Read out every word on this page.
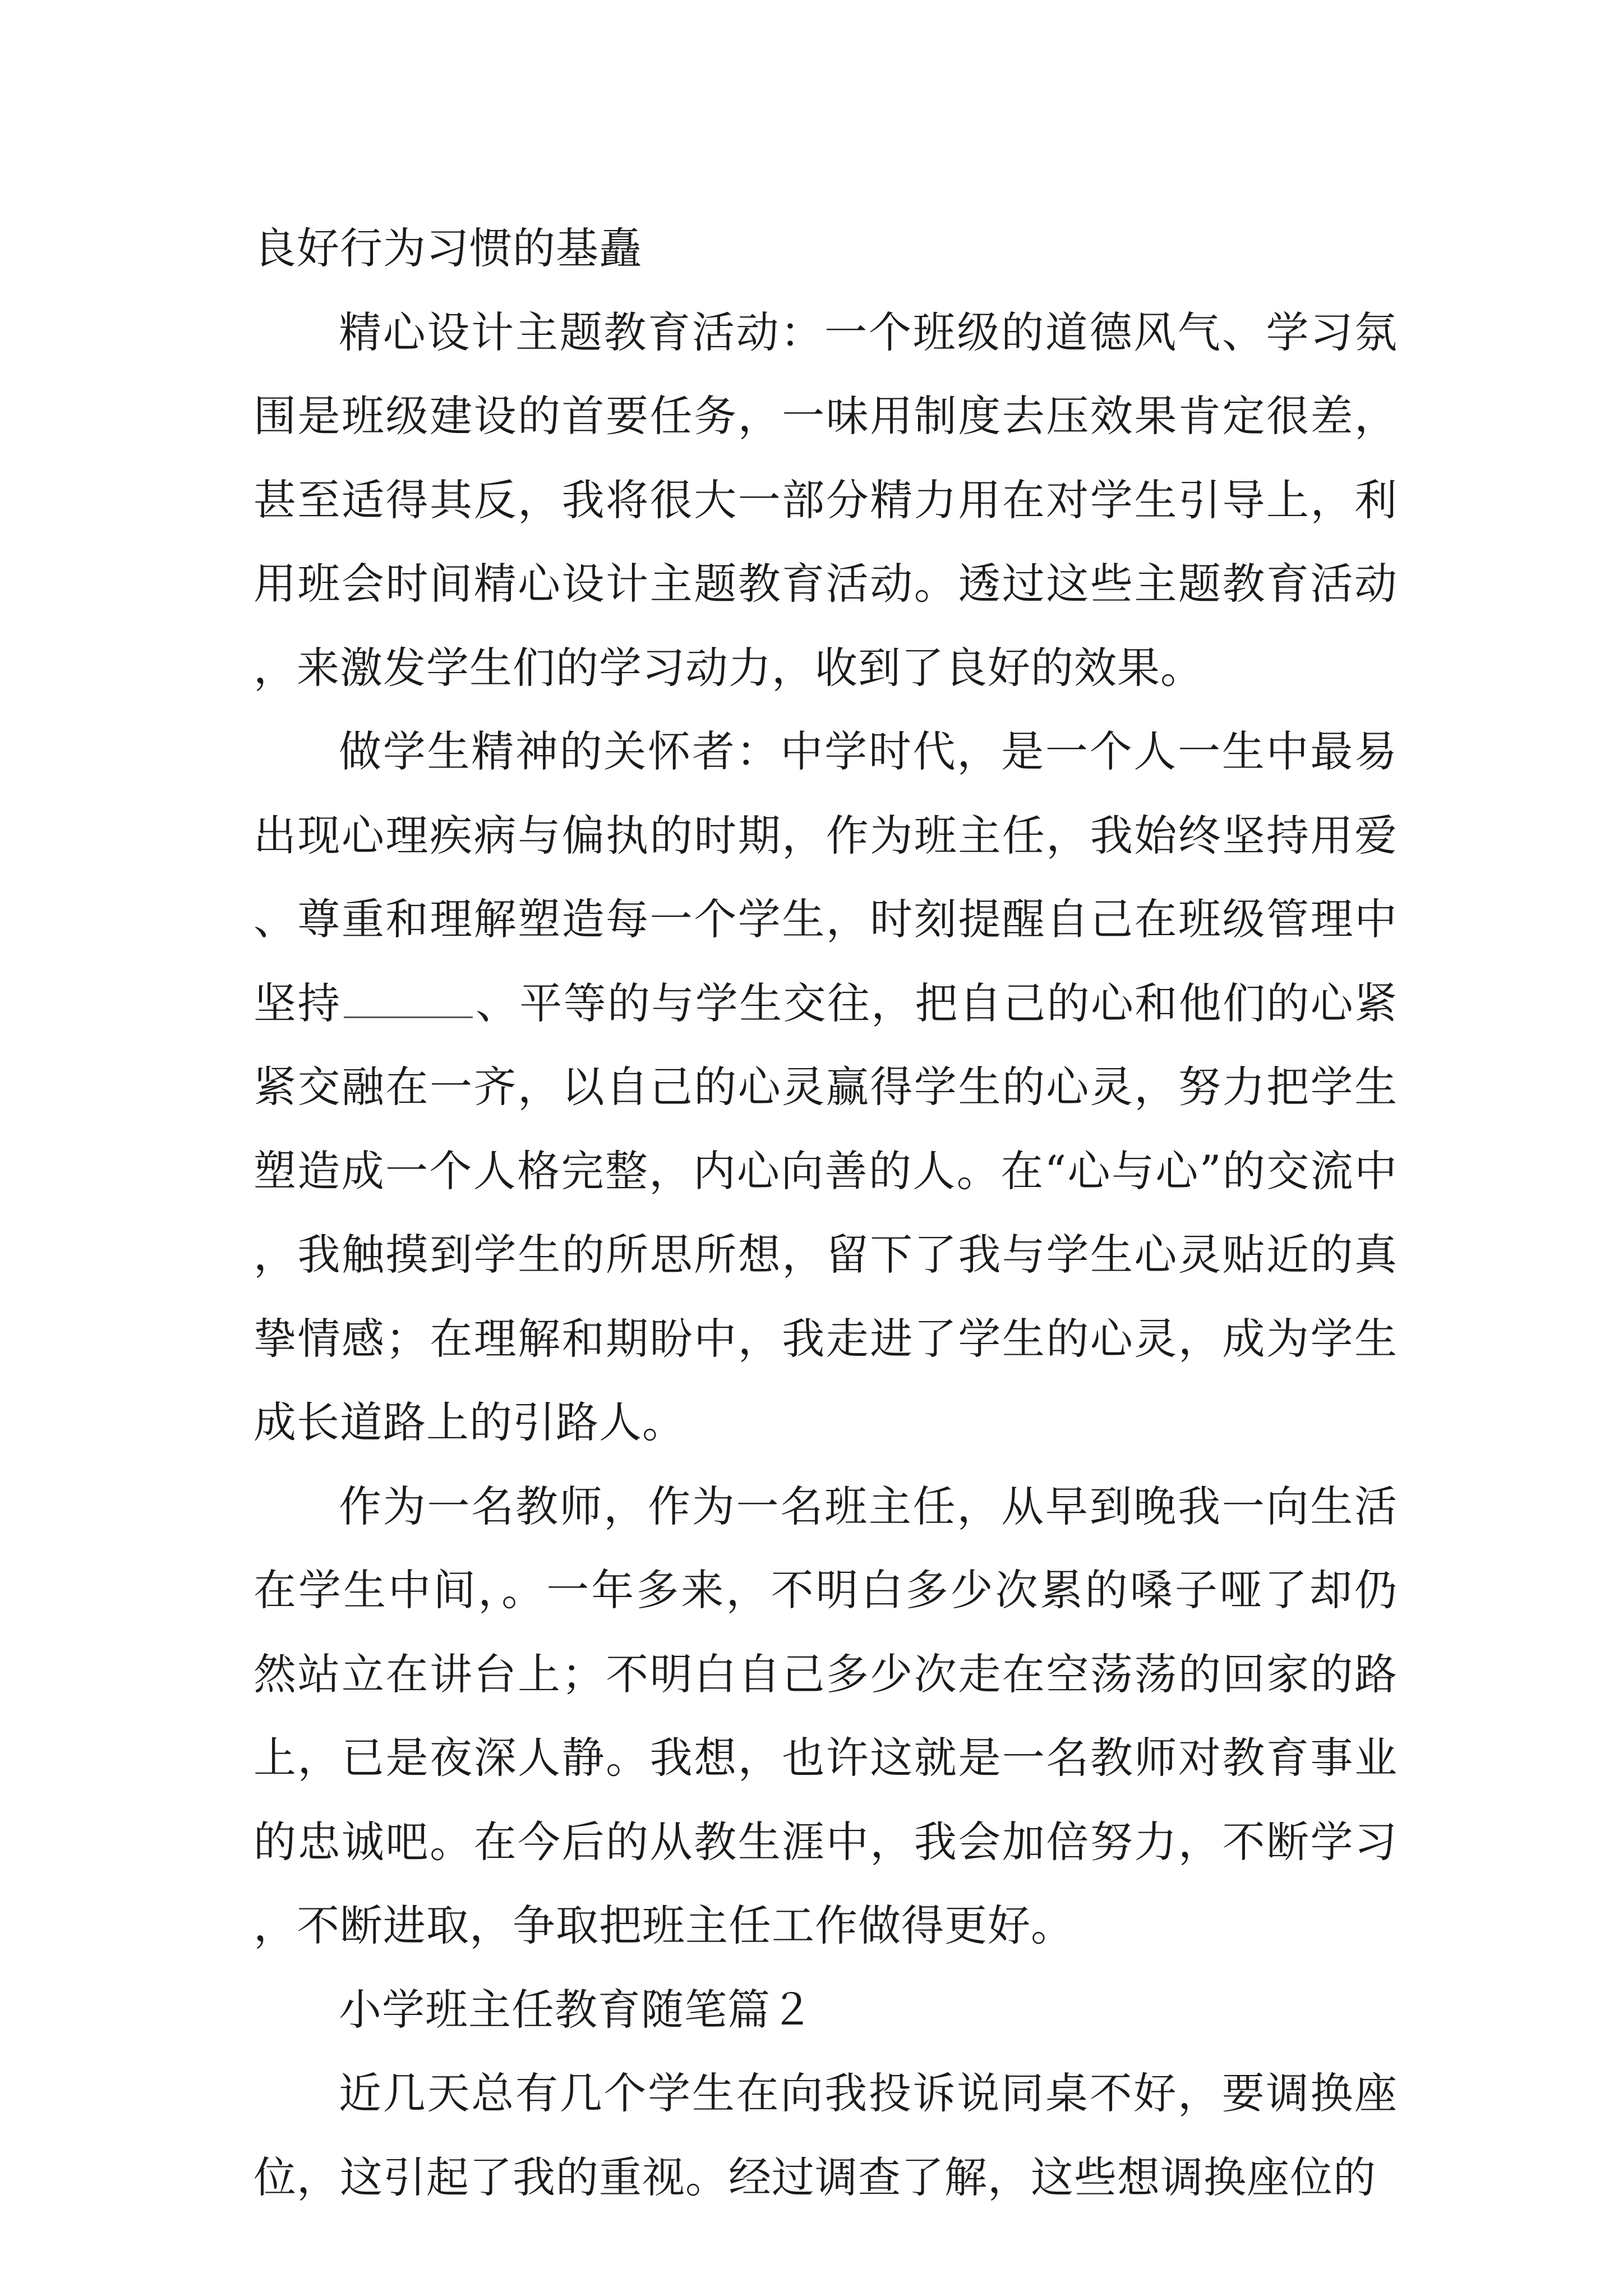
良好行为习惯的基矗

精心设计主题教育活动：一个班级的道德风气、学习氛围是班级建设的首要任务，一味用制度去压效果肯定很差，甚至适得其反，我将很大一部分精力用在对学生引导上，利用班会时间精心设计主题教育活动。透过这些主题教育活动，来激发学生们的学习动力，收到了良好的效果。

做学生精神的关怀者：中学时代，是一个人一生中最易出现心理疾病与偏执的时期，作为班主任，我始终坚持用爱、尊重和理解塑造每一个学生，时刻提醒自己在班级管理中坚持	、平等的与学生交往，把自己的心和他们的心紧紧交融在一齐，以自己的心灵赢得学生的心灵，努力把学生塑造成一个人格完整，内心向善的人。在“心与心”的交流中，我触摸到学生的所思所想，留下了我与学生心灵贴近的真挚情感；在理解和期盼中，我走进了学生的心灵，成为学生成长道路上的引路人。

作为一名教师，作为一名班主任，从早到晚我一向生活在学生中间，。一年多来，不明白多少次累的嗓子哑了却仍然站立在讲台上；不明白自己多少次走在空荡荡的回家的路上，已是夜深人静。我想，也许这就是一名教师对教育事业的忠诚吧。在今后的从教生涯中，我会加倍努力，不断学习，不断进取，争取把班主任工作做得更好。

小学班主任教育随笔篇２

近几天总有几个学生在向我投诉说同桌不好，要调换座位，这引起了我的重视。经过调查了解，这些想调换座位的
